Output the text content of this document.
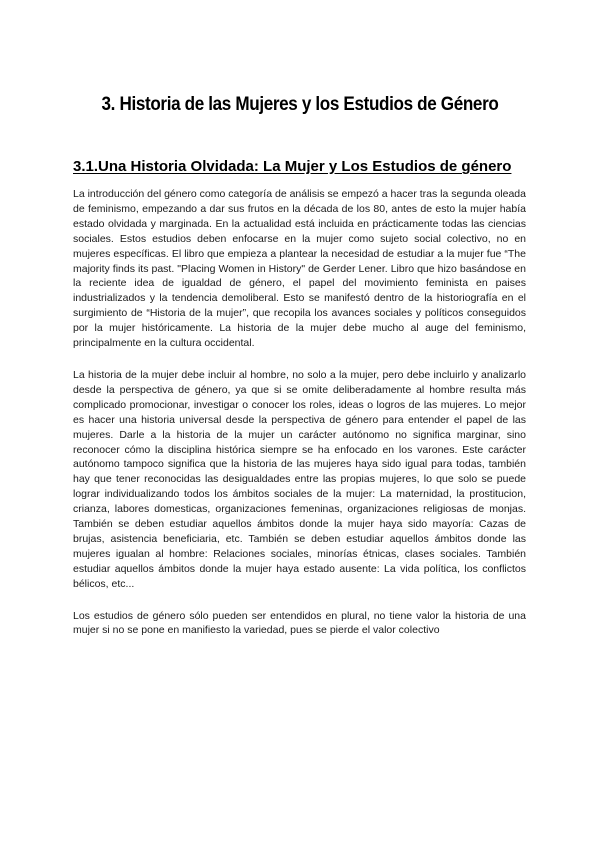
3. Historia de las Mujeres y los Estudios de Género
3.1.Una Historia Olvidada: La Mujer y Los Estudios de género

La introducción del género como categoría de análisis se empezó a hacer tras la segunda oleada de feminismo, empezando a dar sus frutos en la década de los 80, antes de esto la mujer había estado olvidada y marginada. En la actualidad está incluida en prácticamente todas las ciencias sociales. Estos estudios deben enfocarse en la mujer como sujeto social colectivo, no en mujeres específicas. El libro que empieza a plantear la necesidad de estudiar a la mujer fue “The majority finds its past. "Placing Women in History" de Gerder Lener. Libro que hizo basándose en la reciente idea de igualdad de género, el papel del movimiento feminista en paises industrializados y la tendencia demoliberal. Esto se manifestó dentro de la historiografía en el surgimiento de “Historia de la mujer”, que recopila los avances sociales y políticos conseguidos por la mujer históricamente. La historia de la mujer debe mucho al auge del feminismo, principalmente en la cultura occidental.

La historia de la mujer debe incluir al hombre, no solo a la mujer, pero debe incluirlo y analizarlo desde la perspectiva de género, ya que si se omite deliberadamente al hombre resulta más complicado promocionar, investigar o conocer los roles, ideas o logros de las mujeres. Lo mejor es hacer una historia universal desde la perspectiva de género para entender el papel de las mujeres. Darle a la historia de la mujer un carácter autónomo no significa marginar, sino reconocer cómo la disciplina histórica siempre se ha enfocado en los varones. Este carácter autónomo tampoco significa que la historia de las mujeres haya sido igual para todas, también hay que tener reconocidas las desigualdades entre las propias mujeres, lo que solo se puede lograr individualizando todos los ámbitos sociales de la mujer: La maternidad, la prostitucion, crianza, labores domesticas, organizaciones femeninas, organizaciones religiosas de monjas. También se deben estudiar aquellos ámbitos donde la mujer haya sido mayoría: Cazas de brujas, asistencia beneficiaria, etc. También se deben estudiar aquellos ámbitos donde las mujeres igualan al hombre: Relaciones sociales, minorías étnicas, clases sociales. También estudiar aquellos ámbitos donde la mujer haya estado ausente: La vida política, los conflictos bélicos, etc...

Los estudios de género sólo pueden ser entendidos en plural, no tiene valor la historia de una mujer si no se pone en manifiesto la variedad, pues se pierde el valor colectivo
